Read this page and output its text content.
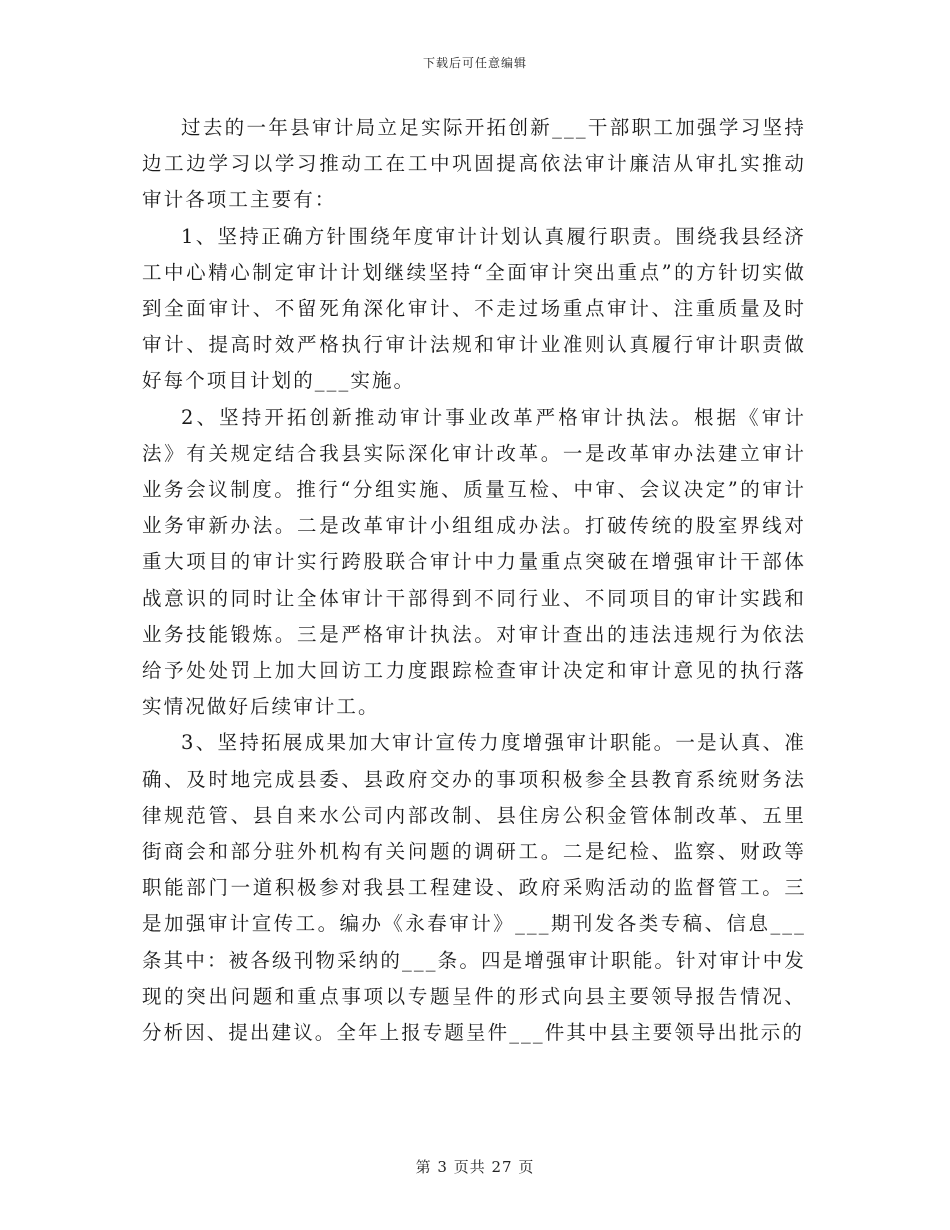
下载后可任意编辑

过去的一年县审计局立足实际开拓创新___干部职工加强学习坚持边工边学习以学习推动工在工中巩固提高依法审计廉洁从审扎实推动审计各项工主要有：

1、坚持正确方针围绕年度审计计划认真履行职责。围绕我县经济工中心精心制定审计计划继续坚持“全面审计突出重点”的方针切实做到全面审计、不留死角深化审计、不走过场重点审计、注重质量及时审计、提高时效严格执行审计法规和审计业准则认真履行审计职责做好每个项目计划的___实施。

2、坚持开拓创新推动审计事业改革严格审计执法。根据《审计法》有关规定结合我县实际深化审计改革。一是改革审办法建立审计业务会议制度。推行“分组实施、质量互检、中审、会议决定”的审计业务审新办法。二是改革审计小组组成办法。打破传统的股室界线对重大项目的审计实行跨股联合审计中力量重点突破在增强审计干部体战意识的同时让全体审计干部得到不同行业、不同项目的审计实践和业务技能锻炼。三是严格审计执法。对审计查出的违法违规行为依法给予处处罚上加大回访工力度跟踪检查审计决定和审计意见的执行落实情况做好后续审计工。

3、坚持拓展成果加大审计宣传力度增强审计职能。一是认真、准确、及时地完成县委、县政府交办的事项积极参全县教育系统财务法律规范管、县自来水公司内部改制、县住房公积金管体制改革、五里街商会和部分驻外机构有关问题的调研工。二是纪检、监察、财政等职能部门一道积极参对我县工程建设、政府采购活动的监督管工。三是加强审计宣传工。编办《永春审计》___期刊发各类专稿、信息___条其中：被各级刊物采纳的___条。四是增强审计职能。针对审计中发现的突出问题和重点事项以专题呈件的形式向县主要领导报告情况、分析因、提出建议。全年上报专题呈件___件其中县主要领导出批示的

第 3 页共 27 页
